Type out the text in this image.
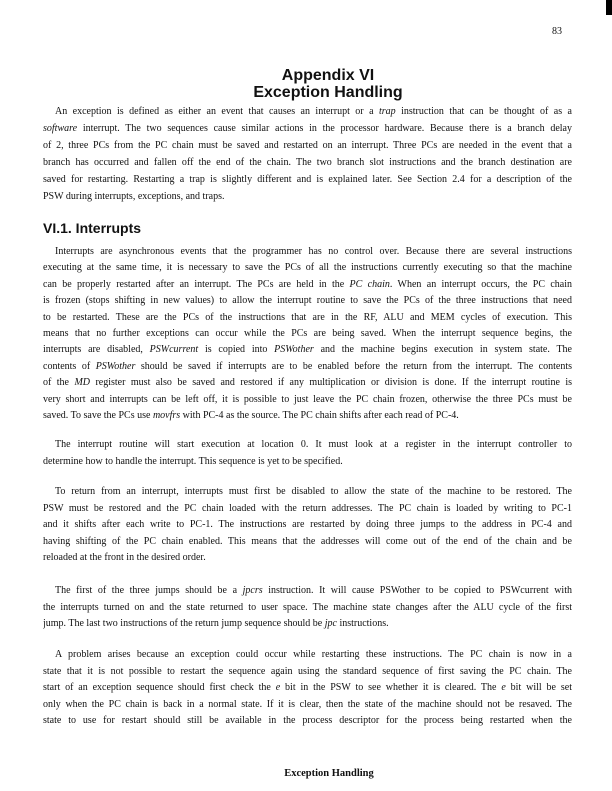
83
Appendix VI
Exception Handling
VI.1. Interrupts
An exception is defined as either an event that causes an interrupt or a trap instruction that can be thought of as a
software interrupt. The two sequences cause similar actions in the processor hardware. Because there is a branch delay
of 2, three PCs from the PC chain must be saved and restarted on an interrupt. Three PCs are needed in the event that a
branch has occurred and fallen off the end of the chain. The two branch slot instructions and the branch destination are
saved for restarting. Restarting a trap is slightly different and is explained later. See Section 2.4 for a description of the
PSW during interrupts, exceptions, and traps.
Interrupts are asynchronous events that the programmer has no control over. Because there are several instructions
executing at the same time, it is necessary to save the PCs of all the instructions currently executing so that the machine
can be properly restarted after an interrupt. The PCs are held in the PC chain. When an interrupt occurs, the PC chain
is frozen (stops shifting in new values) to allow the interrupt routine to save the PCs of the three instructions that need
to be restarted. These are the PCs of the instructions that are in the RF, ALU and MEM cycles of execution. This
means that no further exceptions can occur while the PCs are being saved. When the interrupt sequence begins, the
interrupts are disabled, PSWcurrent is copied into PSWother and the machine begins execution in system state. The
contents of PSWother should be saved if interrupts are to be enabled before the return from the interrupt. The contents
of the MD register must also be saved and restored if any multiplication or division is done. If the interrupt routine is
very short and interrupts can be left off, it is possible to just leave the PC chain frozen, otherwise the three PCs must be
saved. To save the PCs use movfrs with PC-4 as the source. The PC chain shifts after each read of PC-4.
The interrupt routine will start execution at location 0. It must look at a register in the interrupt controller to
determine how to handle the interrupt. This sequence is yet to be specified.
To return from an interrupt, interrupts must first be disabled to allow the state of the machine to be restored. The
PSW must be restored and the PC chain loaded with the return addresses. The PC chain is loaded by writing to PC-1
and it shifts after each write to PC-1. The instructions are restarted by doing three jumps to the address in PC-4 and
having shifting of the PC chain enabled. This means that the addresses will come out of the end of the chain and be
reloaded at the front in the desired order.
The first of the three jumps should be a jpcrs instruction. It will cause PSWother to be copied to PSWcurrent with
the interrupts turned on and the state returned to user space. The machine state changes after the ALU cycle of the first
jump. The last two instructions of the return jump sequence should be jpc instructions.
A problem arises because an exception could occur while restarting these instructions. The PC chain is now in a
state that it is not possible to restart the sequence again using the standard sequence of first saving the PC chain. The
start of an exception sequence should first check the e bit in the PSW to see whether it is cleared. The e bit will be set
only when the PC chain is back in a normal state. If it is clear, then the state of the machine should not be resaved. The
state to use for restart should still be available in the process descriptor for the process being restarted when the
Exception Handling
